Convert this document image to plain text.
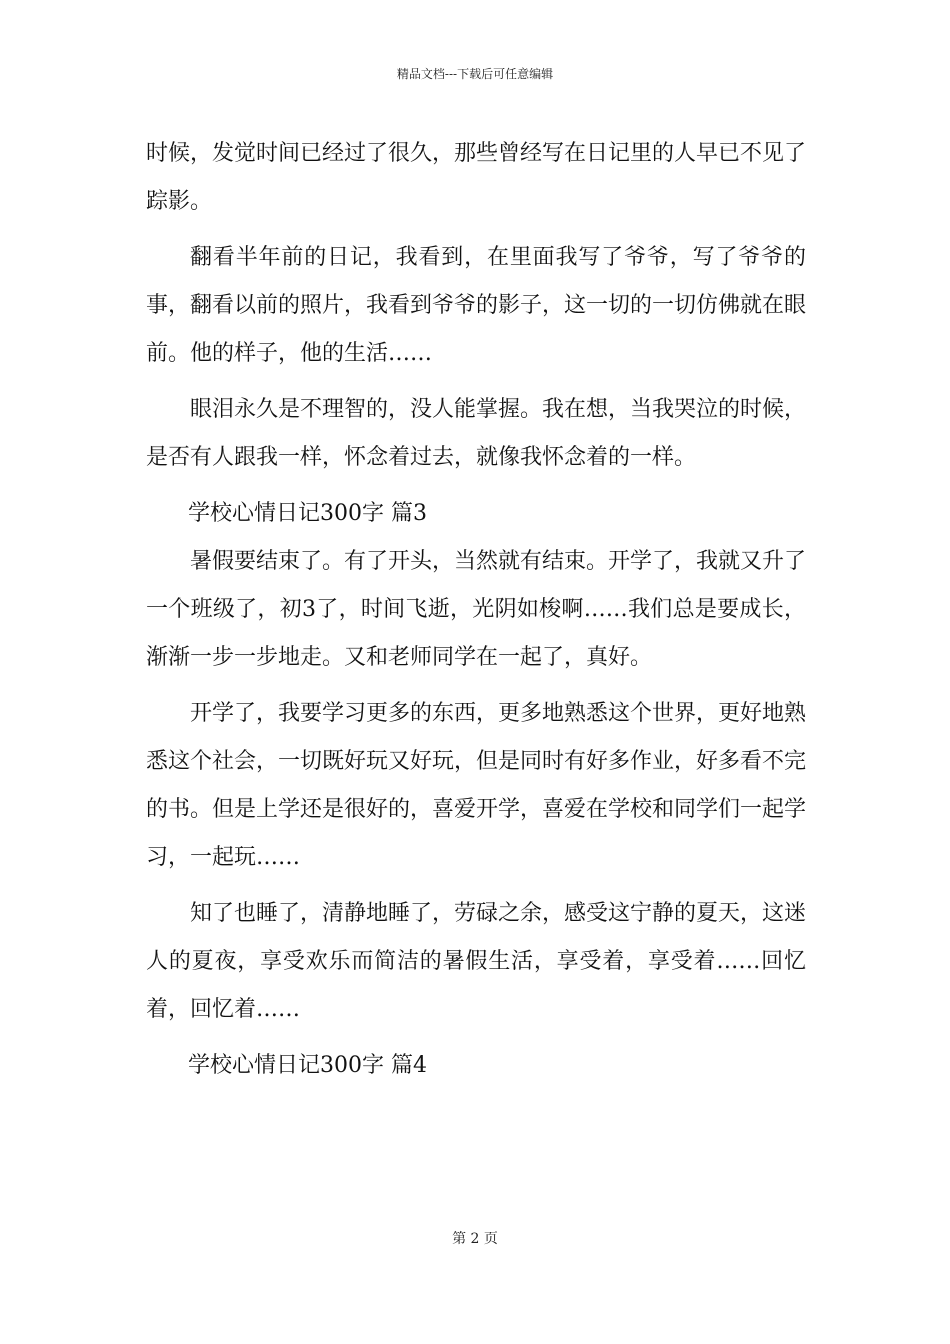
精品文档---下载后可任意编辑

时候，发觉时间已经过了很久，那些曾经写在日记里的人早已不见了踪影。

翻看半年前的日记，我看到，在里面我写了爷爷，写了爷爷的事，翻看以前的照片，我看到爷爷的影子，这一切的一切仿佛就在眼前。他的样子，他的生活……

眼泪永久是不理智的，没人能掌握。我在想，当我哭泣的时候，是否有人跟我一样，怀念着过去，就像我怀念着的一样。

学校心情日记300字 篇3

暑假要结束了。有了开头，当然就有结束。开学了，我就又升了一个班级了，初3了，时间飞逝，光阴如梭啊……我们总是要成长，渐渐一步一步地走。又和老师同学在一起了，真好。

开学了，我要学习更多的东西，更多地熟悉这个世界，更好地熟悉这个社会，一切既好玩又好玩，但是同时有好多作业，好多看不完的书。但是上学还是很好的，喜爱开学，喜爱在学校和同学们一起学习，一起玩……

知了也睡了，清静地睡了，劳碌之余，感受这宁静的夏天，这迷人的夏夜，享受欢乐而简洁的暑假生活，享受着，享受着……回忆着，回忆着……

学校心情日记300字 篇4

第 2 页
